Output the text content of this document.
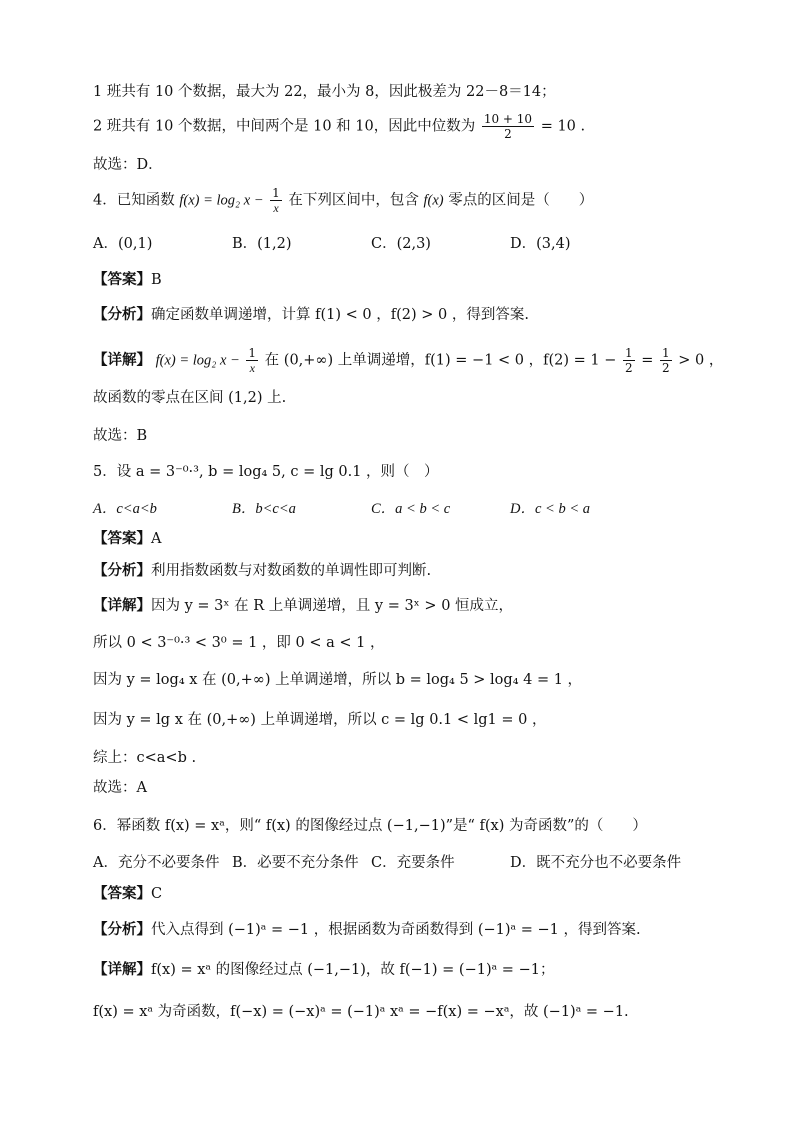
1 班共有 10 个数据，最大为 22，最小为 8，因此极差为 22－8＝14；
2 班共有 10 个数据，中间两个是 10 和 10，因此中位数为 $\frac{10 + 10}{2} = 10$ .
故选：D．
4．已知函数 f(x) = log₂ $x - \frac{1}{x}$ 在下列区间中，包含 f(x) 零点的区间是（　　）
A．(0,1)	B．(1,2)	C．(2,3)	D．(3,4)
【答案】B
【分析】确定函数单调递增，计算 f(1) < 0 ，f(2) > 0 ，得到答案.
【详解】 f(x) = log₂ $x - \frac{1}{x}$ 在 (0,+∞) 上单调递增，f(1) = −1 < 0 ，$f(2) = 1 - \frac{1}{2} = \frac{1}{2} > 0$ ，
故函数的零点在区间 (1,2) 上.
故选：B
5．设 a = 3⁻⁰·³, b = log₄ 5, c = lg 0.1 ，则（　）
A．c<a<b	B．b<c<a	C．a < b < c	D．c < b < a
【答案】A
【分析】利用指数函数与对数函数的单调性即可判断.
【详解】因为 y = 3ˣ 在 R 上单调递增，且 y = 3ˣ > 0 恒成立，
所以 0 < 3⁻⁰·³ < 3⁰ = 1 ，即 0 < a < 1 ，
因为 y = log₄ x 在 (0,+∞) 上单调递增，所以 b = log₄ 5 > log₄ 4 = 1 ，
因为 y = lg x 在 (0,+∞) 上单调递增，所以 c = lg 0.1 < lg1 = 0 ，
综上：c<a<b .
故选：A
6．幂函数 f(x) = xᵃ，则“ f(x) 的图像经过点 (−1,−1)”是“ f(x) 为奇函数”的（　　）
A．充分不必要条件 B．必要不充分条件 C．充要条件	D．既不充分也不必要条件
【答案】C
【分析】代入点得到 (−1)ᵃ = −1 ，根据函数为奇函数得到 (−1)ᵃ = −1 ，得到答案.
【详解】f(x) = xᵃ 的图像经过点 (−1,−1)，故 f(−1) = (−1)ᵃ = −1；
f(x) = xᵃ 为奇函数，f(−x) = (−x)ᵃ = (−1)ᵃ xᵃ = −f(x) = −xᵃ，故 (−1)ᵃ = −1.
